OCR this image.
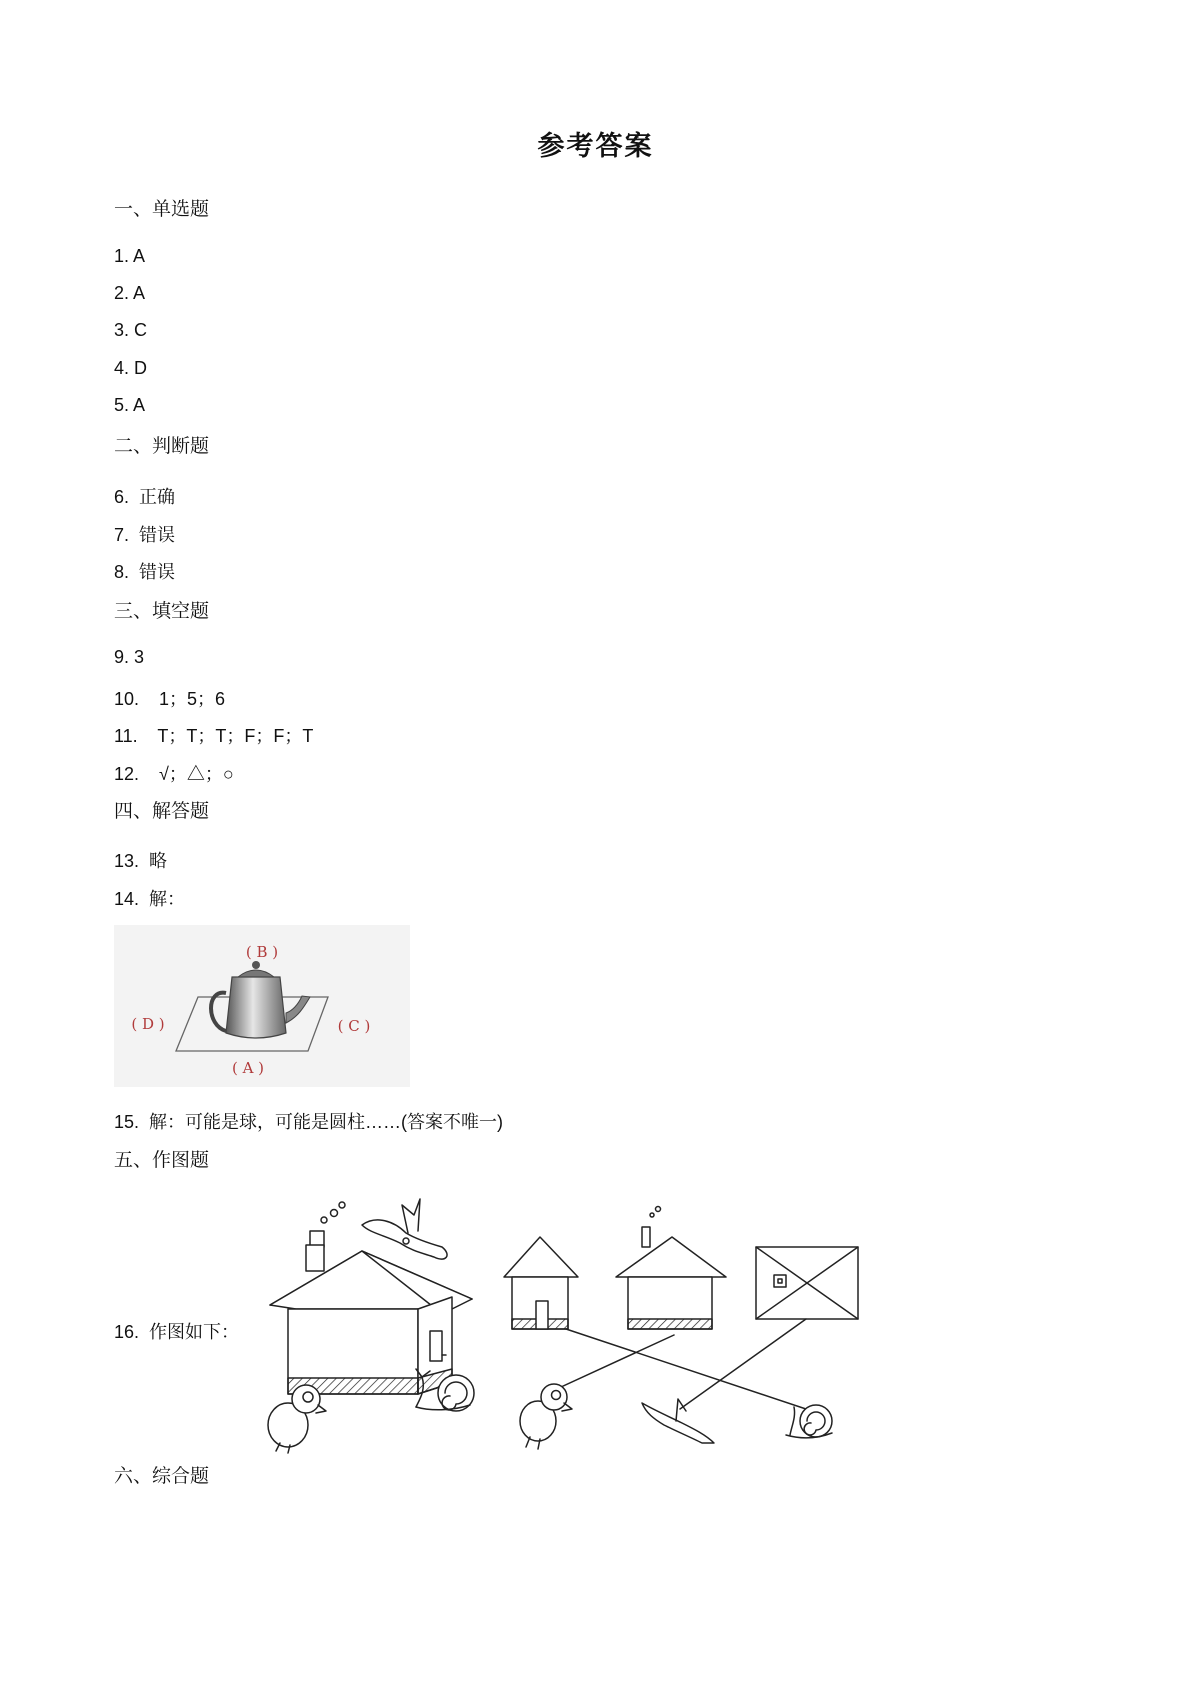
参考答案
一、单选题
1. A
2. A
3. C
4. D
5. A
二、判断题
6.  正确
7.  错误
8.  错误
三、填空题
9. 3
10.    1；5；6
11.    T；T；T；F；F；T
12.    √；△；○
四、解答题
13.  略
14.  解：
( B )
( D )	( C )
( A )
15.  解：可能是球，可能是圆柱……(答案不唯一)
五、作图题
16.  作图如下：
六、综合题
